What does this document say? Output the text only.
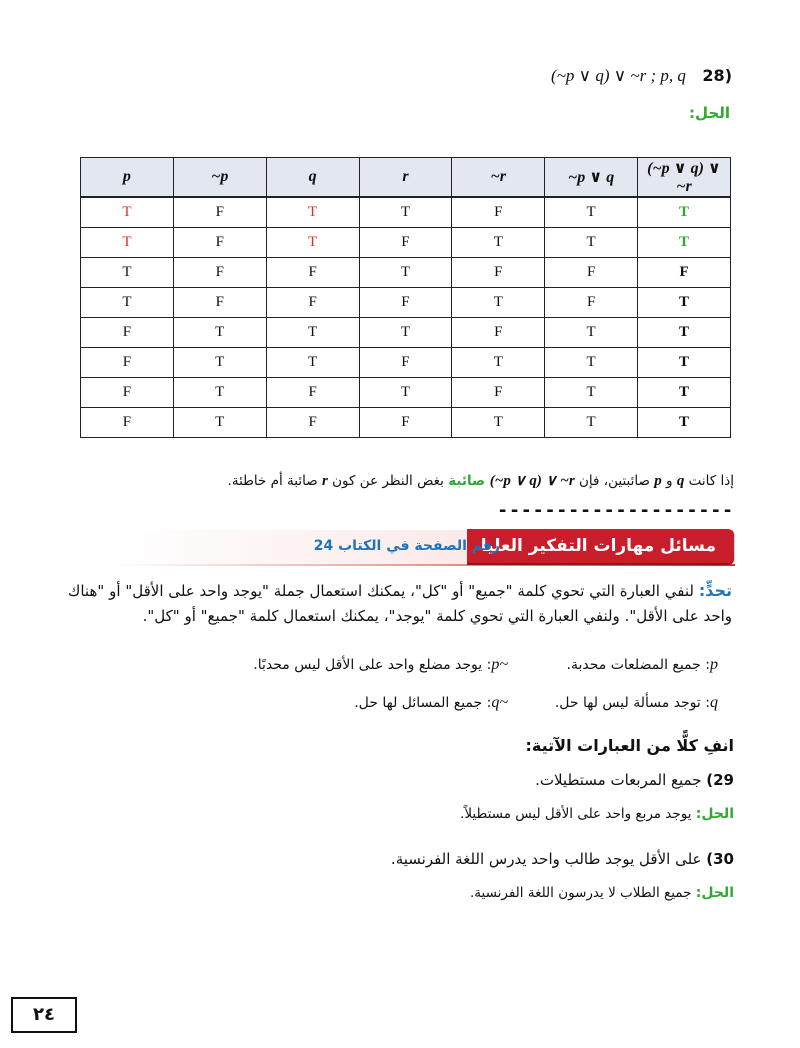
(28  (~p ∨ q) ∨ ~r ; p, q
الحل:
p	~p	q	r	~r	~p ∨ q	(~p ∨ q) ∨ ~r
T	F	T	T	F	T	T
T	F	T	F	T	T	T
T	F	F	T	F	F	F
T	F	F	F	T	F	T
F	T	T	T	F	T	T
F	T	T	F	T	T	T
F	T	F	T	F	T	T
F	T	F	F	T	T	T
إذا كانت q و p صائبتين، فإن (~p ∨ q) ∨ ~r صائبة بغض النظر عن كون r صائبة أم خاطئة.
--------------------
مسائل مهارات التفكير العليا
رقم الصفحة في الكتاب 24
تحدٍّ: لنفي العبارة التي تحوي كلمة "جميع" أو "كل"، يمكنك استعمال جملة "يوجد واحد على الأقل" أو "هناك واحد على الأقل". ولنفي العبارة التي تحوي كلمة "يوجد"، يمكنك استعمال كلمة "جميع" أو "كل".
p: جميع المضلعات محدبة.
~p: يوجد مضلع واحد على الأقل ليس محدبًا.
q: توجد مسألة ليس لها حل.
~q: جميع المسائل لها حل.
انفِ كلًّا من العبارات الآتية:
29) جميع المربعات مستطيلات.
الحل: يوجد مربع واحد على الأقل ليس مستطيلاً.
30) على الأقل يوجد طالب واحد يدرس اللغة الفرنسية.
الحل: جميع الطلاب لا يدرسون اللغة الفرنسية.
٢٤
